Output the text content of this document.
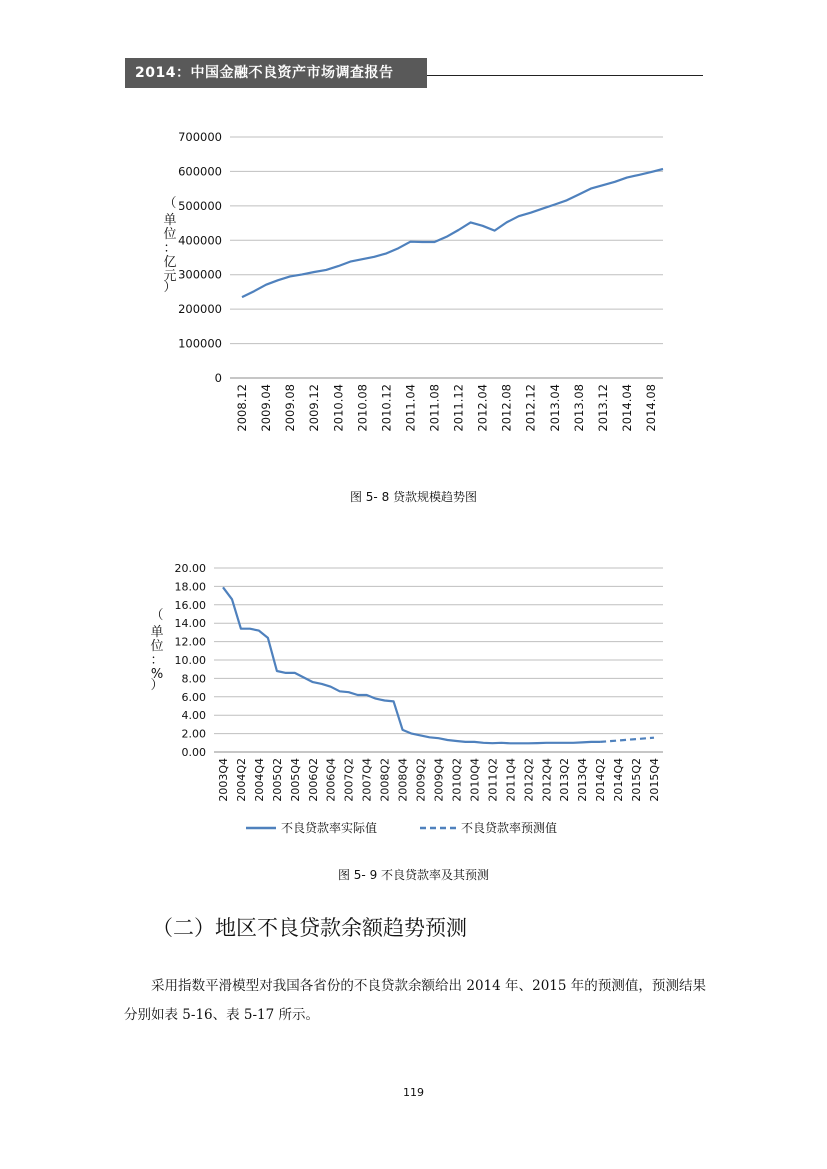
2014：中国金融不良资产市场调查报告
0
100000
200000
300000
400000
500000
600000
700000
2008.12 2009.04 2009.08 2009.12 2010.04 2010.08 2010.12 2011.04 2011.08 2011.12 2012.04 2012.08 2012.12 2013.04 2013.08 2013.12 2014.04 2014.08
（单位：亿元）
0.00
2.00
4.00
6.00
8.00
10.00
12.00
14.00
16.00
18.00
20.00
2003Q4 2004Q2 2004Q4 2005Q2 2005Q4 2006Q2 2006Q4 2007Q2 2007Q4 2008Q2 2008Q4 2009Q2 2009Q4 2010Q2 2010Q4 2011Q2 2011Q4 2012Q2 2012Q4 2013Q2 2013Q4 2014Q2 2014Q4 2015Q2 2015Q4
（单位：%）
不良贷款率实际值	不良贷款率预测值
图 5- 8 贷款规模趋势图
图 5- 9 不良贷款率及其预测
（二）地区不良贷款余额趋势预测
采用指数平滑模型对我国各省份的不良贷款余额给出 2014 年、2015 年的预测值，预测结果分别如表 5-16、表 5-17 所示。
119
